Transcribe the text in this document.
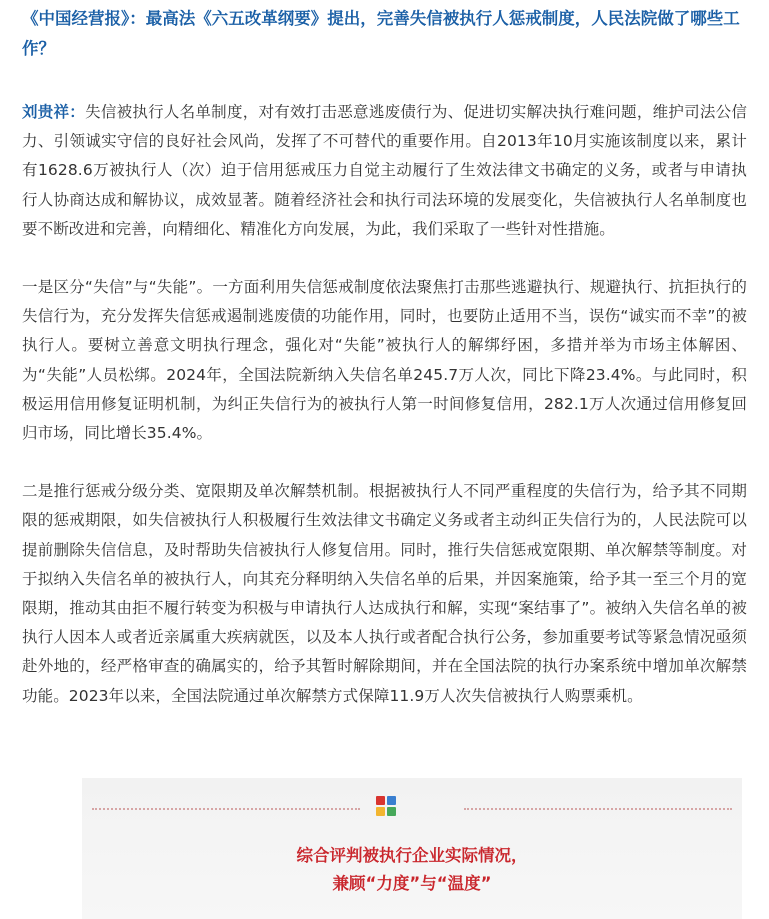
《中国经营报》：最高法《六五改革纲要》提出，完善失信被执行人惩戒制度，人民法院做了哪些工作？

刘贵祥：失信被执行人名单制度，对有效打击恶意逃废债行为、促进切实解决执行难问题，维护司法公信力、引领诚实守信的良好社会风尚，发挥了不可替代的重要作用。自2013年10月实施该制度以来，累计有1628.6万被执行人（次）迫于信用惩戒压力自觉主动履行了生效法律文书确定的义务，或者与申请执行人协商达成和解协议，成效显著。随着经济社会和执行司法环境的发展变化，失信被执行人名单制度也要不断改进和完善，向精细化、精准化方向发展，为此，我们采取了一些针对性措施。

一是区分“失信”与“失能”。一方面利用失信惩戒制度依法聚焦打击那些逃避执行、规避执行、抗拒执行的失信行为，充分发挥失信惩戒遏制逃废债的功能作用，同时，也要防止适用不当，误伤“诚实而不幸”的被执行人。要树立善意文明执行理念，强化对“失能”被执行人的解绑纾困，多措并举为市场主体解困、为“失能”人员松绑。2024年，全国法院新纳入失信名单245.7万人次，同比下降23.4%。与此同时，积极运用信用修复证明机制，为纠正失信行为的被执行人第一时间修复信用，282.1万人次通过信用修复回归市场，同比增长35.4%。

二是推行惩戒分级分类、宽限期及单次解禁机制。根据被执行人不同严重程度的失信行为，给予其不同期限的惩戒期限，如失信被执行人积极履行生效法律文书确定义务或者主动纠正失信行为的，人民法院可以提前删除失信信息，及时帮助失信被执行人修复信用。同时，推行失信惩戒宽限期、单次解禁等制度。对于拟纳入失信名单的被执行人，向其充分释明纳入失信名单的后果，并因案施策，给予其一至三个月的宽限期，推动其由拒不履行转变为积极与申请执行人达成执行和解，实现“案结事了”。被纳入失信名单的被执行人因本人或者近亲属重大疾病就医，以及本人执行或者配合执行公务，参加重要考试等紧急情况亟须赴外地的，经严格审查的确属实的，给予其暂时解除期间，并在全国法院的执行办案系统中增加单次解禁功能。2023年以来，全国法院通过单次解禁方式保障11.9万人次失信被执行人购票乘机。

综合评判被执行企业实际情况，
兼顾“力度”与“温度”
